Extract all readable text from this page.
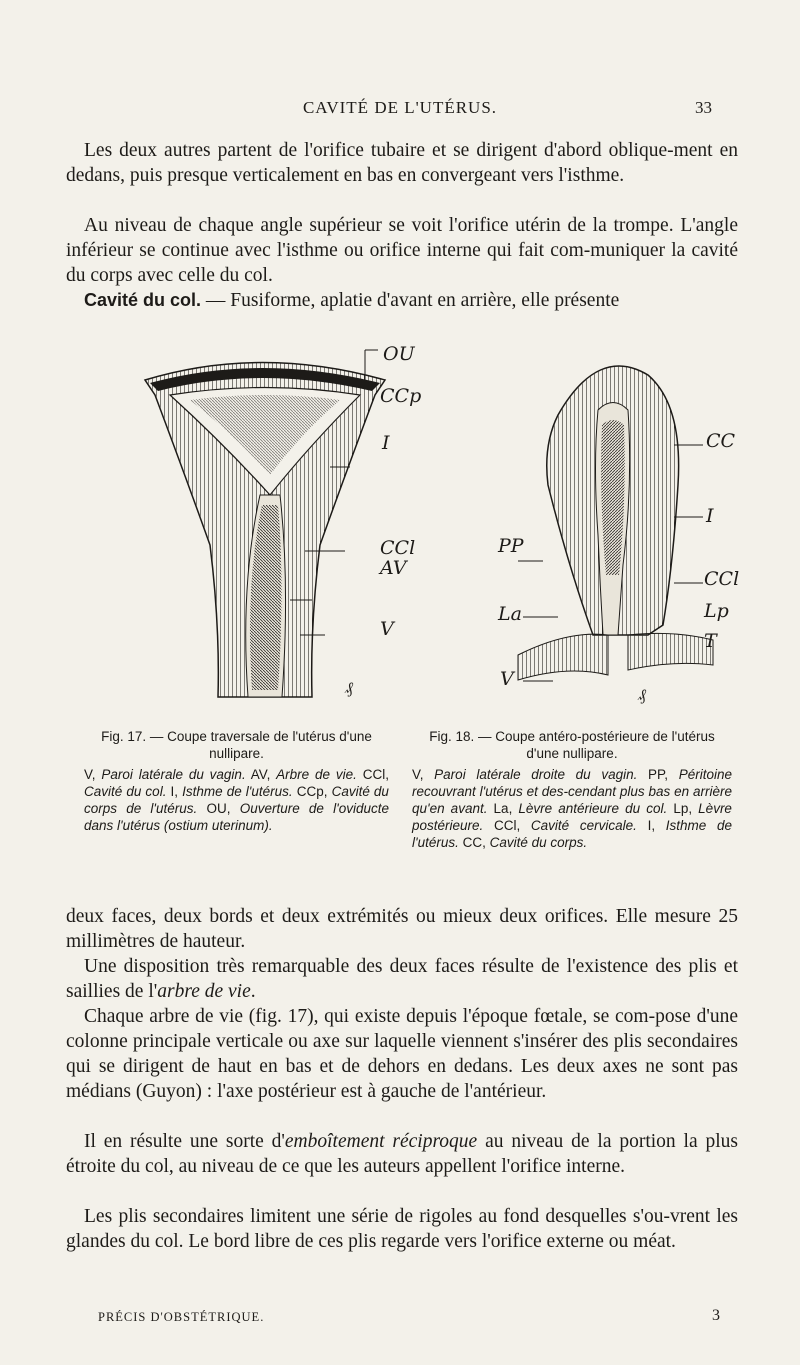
CAVITÉ DE L'UTÉRUS.	33

Les deux autres partent de l'orifice tubaire et se dirigent d'abord oblique-ment en dedans, puis presque verticalement en bas en convergeant vers l'isthme.

Au niveau de chaque angle supérieur se voit l'orifice utérin de la trompe. L'angle inférieur se continue avec l'isthme ou orifice interne qui fait com-muniquer la cavité du corps avec celle du col.

Cavité du col. — Fusiforme, aplatie d'avant en arrière, elle présente

OU
CCp
I
CCl
AV
V
₰
CC
I
PP
CCl
La	Lp
T
V
₰

Fig. 17. — Coupe traversale de l'utérus d'une nullipare.

V, Paroi latérale du vagin. AV, Arbre de vie. CCl, Cavité du col. I, Isthme de l'utérus. CCp, Cavité du corps de l'utérus. OU, Ouverture de l'oviducte dans l'utérus (ostium uterinum).

Fig. 18. — Coupe antéro-postérieure de l'utérus d'une nullipare.

V, Paroi latérale droite du vagin. PP, Péritoine recouvrant l'utérus et des-cendant plus bas en arrière qu'en avant. La, Lèvre antérieure du col. Lp, Lèvre postérieure. CCl, Cavité cervicale. I, Isthme de l'utérus. CC, Cavité du corps.

deux faces, deux bords et deux extrémités ou mieux deux orifices. Elle mesure 25 millimètres de hauteur.

Une disposition très remarquable des deux faces résulte de l'existence des plis et saillies de l'arbre de vie.

Chaque arbre de vie (fig. 17), qui existe depuis l'époque fœtale, se com-pose d'une colonne principale verticale ou axe sur laquelle viennent s'insérer des plis secondaires qui se dirigent de haut en bas et de dehors en dedans. Les deux axes ne sont pas médians (Guyon) : l'axe postérieur est à gauche de l'antérieur.

Il en résulte une sorte d'emboîtement réciproque au niveau de la portion la plus étroite du col, au niveau de ce que les auteurs appellent l'orifice interne.

Les plis secondaires limitent une série de rigoles au fond desquelles s'ou-vrent les glandes du col. Le bord libre de ces plis regarde vers l'orifice externe ou méat.

PRÉCIS D'OBSTÉTRIQUE.	3
